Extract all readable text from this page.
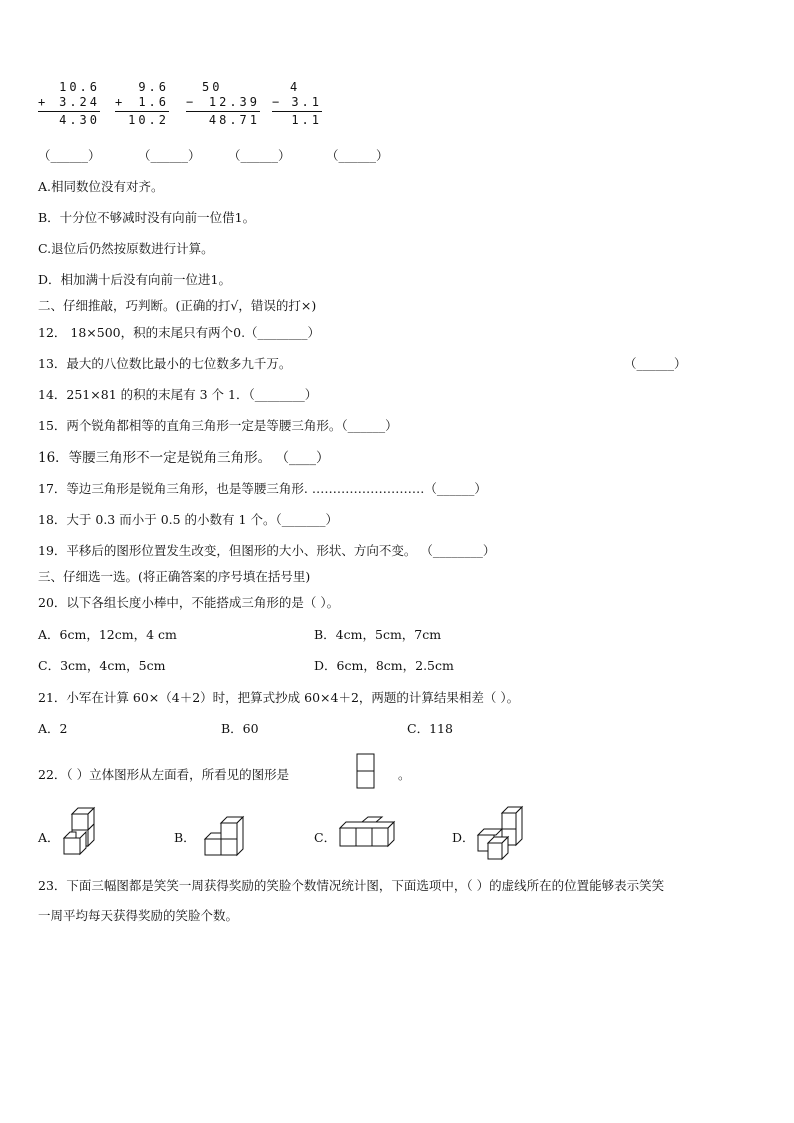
10.6
+ 3.24
4.30
9.6
+ 1.6
10.2
50
− 12.39
48.71
4
− 3.1
1.1
（______）	（______） （______）	（______）
A.相同数位没有对齐。
B．十分位不够减时没有向前一位借1。
C.退位后仍然按原数进行计算。
D．相加满十后没有向前一位进1。
二、仔细推敲，巧判断。(正确的打√，错误的打×)
12． 18×500，积的末尾只有两个0.（________）
13．最大的八位数比最小的七位数多九千万。	（______）
14．251×81 的积的末尾有 3 个 1．（________）
15．两个锐角都相等的直角三角形一定是等腰三角形。（______）
16．等腰三角形不一定是锐角三角形。 （____）
17．等边三角形是锐角三角形，也是等腰三角形. ………………………（______）
18．大于 0.3 而小于 0.5 的小数有 1 个。（_______）
19．平移后的图形位置发生改变，但图形的大小、形状、方向不变。 （________）
三、仔细选一选。(将正确答案的序号填在括号里)
20．以下各组长度小棒中，不能搭成三角形的是（ ）。
A．6cm，12cm，4 cm	B．4cm，5cm，7cm
C．3cm，4cm，5cm	D．6cm，8cm，2.5cm
21．小军在计算 60×（4＋2）时，把算式抄成 60×4＋2，两题的计算结果相差（ ）。
A．2	B．60	C．118
22．（ ）立体图形从左面看，所看见的图形是	。
A．	B．	C．	D．
23．下面三幅图都是笑笑一周获得奖励的笑脸个数情况统计图，下面选项中，（ ）的虚线所在的位置能够表示笑笑
一周平均每天获得奖励的笑脸个数。
